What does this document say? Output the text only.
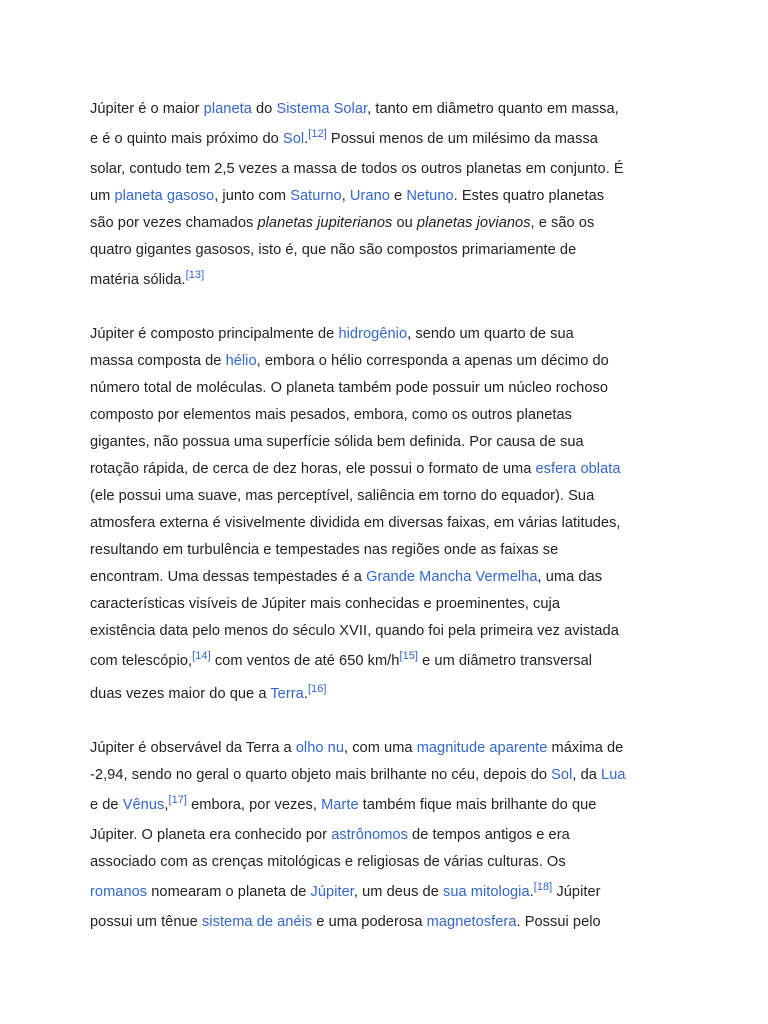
Júpiter é o maior planeta do Sistema Solar, tanto em diâmetro quanto em massa,
e é o quinto mais próximo do Sol.[12] Possui menos de um milésimo da massa
solar, contudo tem 2,5 vezes a massa de todos os outros planetas em conjunto. É
um planeta gasoso, junto com Saturno, Urano e Netuno. Estes quatro planetas
são por vezes chamados planetas jupiterianos ou planetas jovianos, e são os
quatro gigantes gasosos, isto é, que não são compostos primariamente de
matéria sólida.[13]

Júpiter é composto principalmente de hidrogênio, sendo um quarto de sua
massa composta de hélio, embora o hélio corresponda a apenas um décimo do
número total de moléculas. O planeta também pode possuir um núcleo rochoso
composto por elementos mais pesados, embora, como os outros planetas
gigantes, não possua uma superfície sólida bem definida. Por causa de sua
rotação rápida, de cerca de dez horas, ele possui o formato de uma esfera oblata
(ele possui uma suave, mas perceptível, saliência em torno do equador). Sua
atmosfera externa é visivelmente dividida em diversas faixas, em várias latitudes,
resultando em turbulência e tempestades nas regiões onde as faixas se
encontram. Uma dessas tempestades é a Grande Mancha Vermelha, uma das
características visíveis de Júpiter mais conhecidas e proeminentes, cuja
existência data pelo menos do século XVII, quando foi pela primeira vez avistada
com telescópio,[14] com ventos de até 650 km/h[15] e um diâmetro transversal
duas vezes maior do que a Terra.[16]

Júpiter é observável da Terra a olho nu, com uma magnitude aparente máxima de
-2,94, sendo no geral o quarto objeto mais brilhante no céu, depois do Sol, da Lua
e de Vênus,[17] embora, por vezes, Marte também fique mais brilhante do que
Júpiter. O planeta era conhecido por astrônomos de tempos antigos e era
associado com as crenças mitológicas e religiosas de várias culturas. Os
romanos nomearam o planeta de Júpiter, um deus de sua mitologia.[18] Júpiter
possui um tênue sistema de anéis e uma poderosa magnetosfera. Possui pelo
